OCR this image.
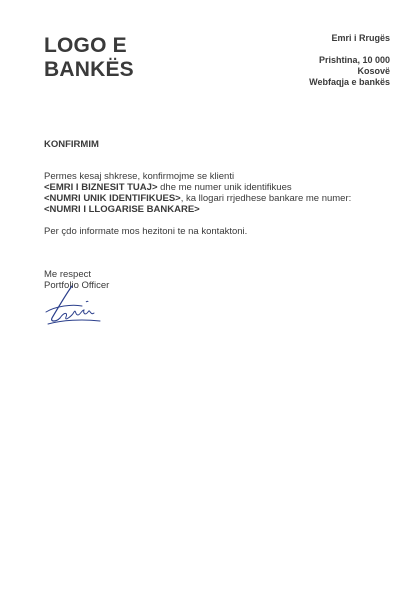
LOGO E
BANKËS
Emri i Rrugës
Prishtina, 10 000
Kosovë
Webfaqja e bankës
KONFIRMIM
Permes kesaj shkrese, konfirmojme se klienti
<EMRI I BIZNESIT TUAJ> dhe me numer unik identifikues
<NUMRI UNIK IDENTIFIKUES>, ka llogari rrjedhese bankare me numer:
<NUMRI I LLOGARISE BANKARE>
Per çdo informate mos hezitoni te na kontaktoni.
Me respect
Portfolio Officer
